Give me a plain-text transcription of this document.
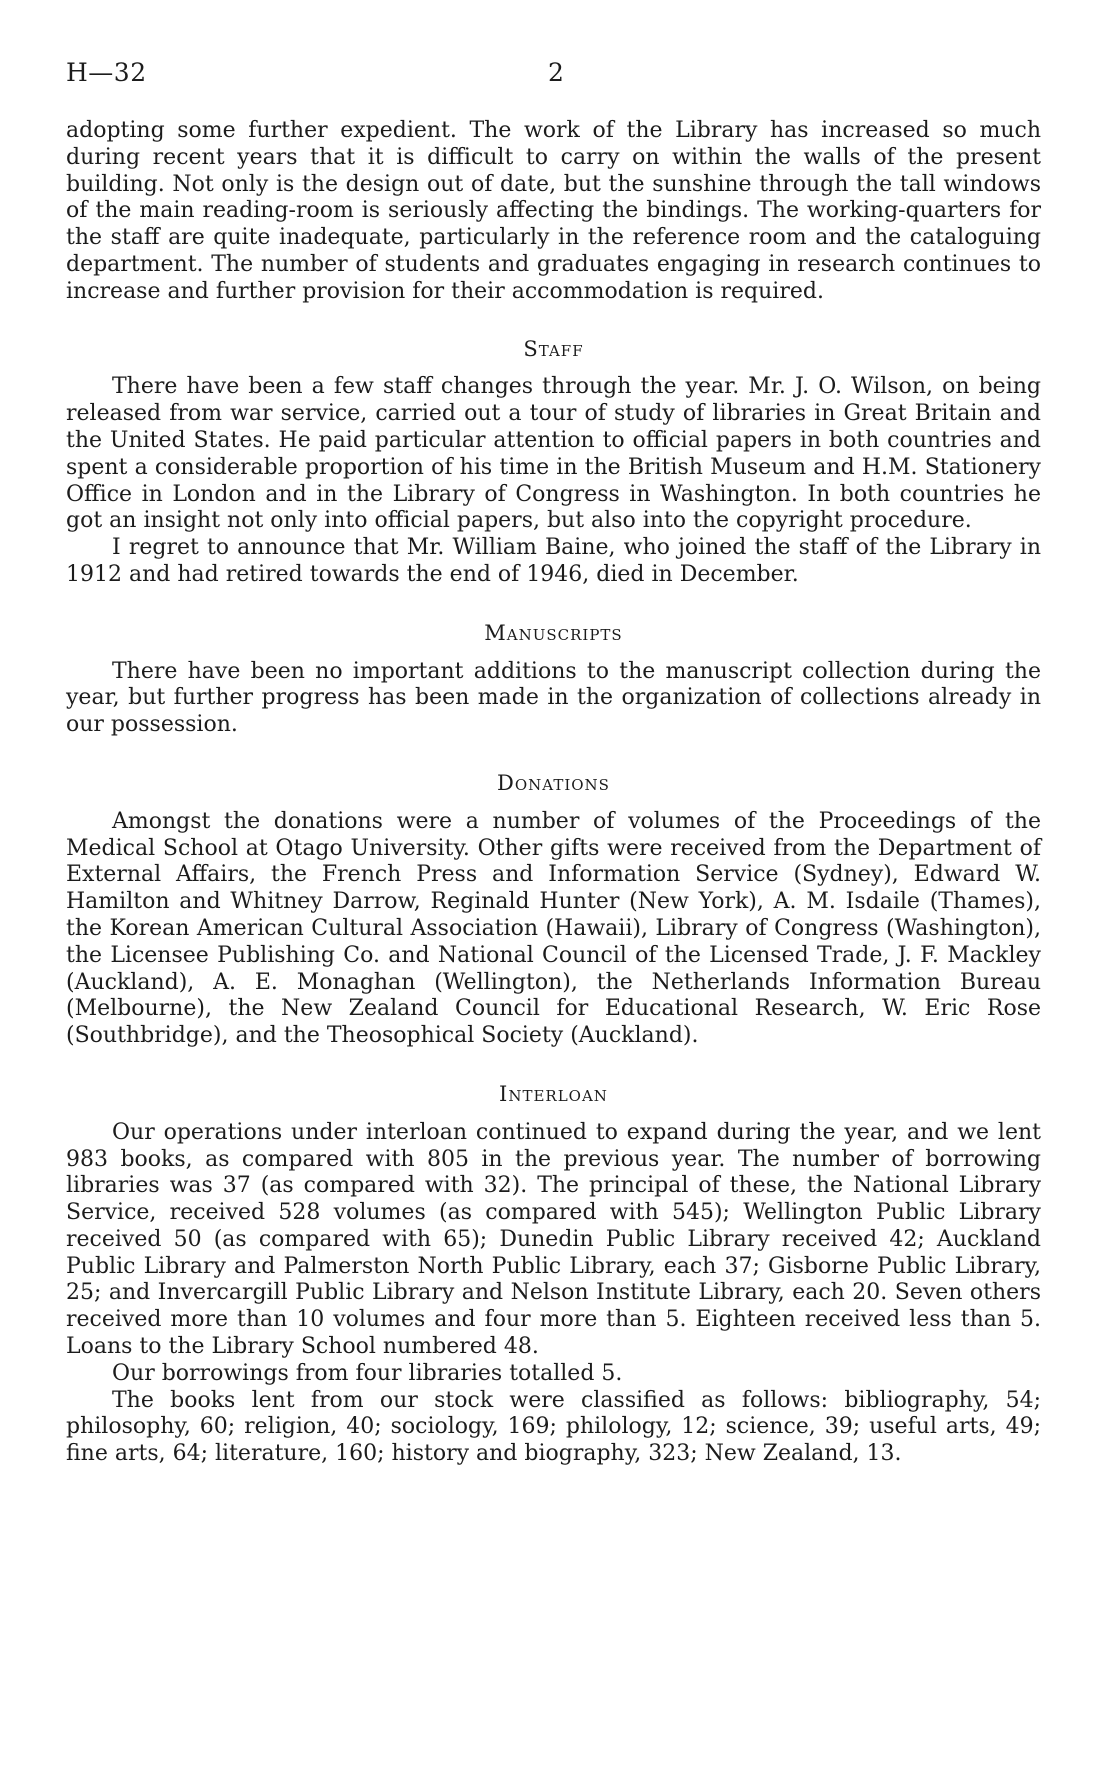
H—32	2

adopting some further expedient. The work of the Library has increased so much during recent years that it is difficult to carry on within the walls of the present building. Not only is the design out of date, but the sunshine through the tall windows of the main reading-room is seriously affecting the bindings. The working-quarters for the staff are quite inadequate, particularly in the reference room and the cataloguing department. The number of students and graduates engaging in research continues to increase and further provision for their accommodation is required.

Staff

There have been a few staff changes through the year. Mr. J. O. Wilson, on being released from war service, carried out a tour of study of libraries in Great Britain and the United States. He paid particular attention to official papers in both countries and spent a considerable proportion of his time in the British Museum and H.M. Stationery Office in London and in the Library of Congress in Washington. In both countries he got an insight not only into official papers, but also into the copyright procedure.

I regret to announce that Mr. William Baine, who joined the staff of the Library in 1912 and had retired towards the end of 1946, died in December.

Manuscripts

There have been no important additions to the manuscript collection during the year, but further progress has been made in the organization of collections already in our possession.

Donations

Amongst the donations were a number of volumes of the Proceedings of the Medical School at Otago University. Other gifts were received from the Department of External Affairs, the French Press and Information Service (Sydney), Edward W. Hamilton and Whitney Darrow, Reginald Hunter (New York), A. M. Isdaile (Thames), the Korean American Cultural Association (Hawaii), Library of Congress (Washington), the Licensee Publishing Co. and National Council of the Licensed Trade, J. F. Mackley (Auckland), A. E. Monaghan (Wellington), the Netherlands Information Bureau (Melbourne), the New Zealand Council for Educational Research, W. Eric Rose (Southbridge), and the Theosophical Society (Auckland).

Interloan

Our operations under interloan continued to expand during the year, and we lent 983 books, as compared with 805 in the previous year. The number of borrowing libraries was 37 (as compared with 32). The principal of these, the National Library Service, received 528 volumes (as compared with 545); Wellington Public Library received 50 (as compared with 65); Dunedin Public Library received 42; Auckland Public Library and Palmerston North Public Library, each 37; Gisborne Public Library, 25; and Invercargill Public Library and Nelson Institute Library, each 20. Seven others received more than 10 volumes and four more than 5. Eighteen received less than 5. Loans to the Library School numbered 48.

Our borrowings from four libraries totalled 5.

The books lent from our stock were classified as follows: bibliography, 54; philosophy, 60; religion, 40; sociology, 169; philology, 12; science, 39; useful arts, 49; fine arts, 64; literature, 160; history and biography, 323; New Zealand, 13.
